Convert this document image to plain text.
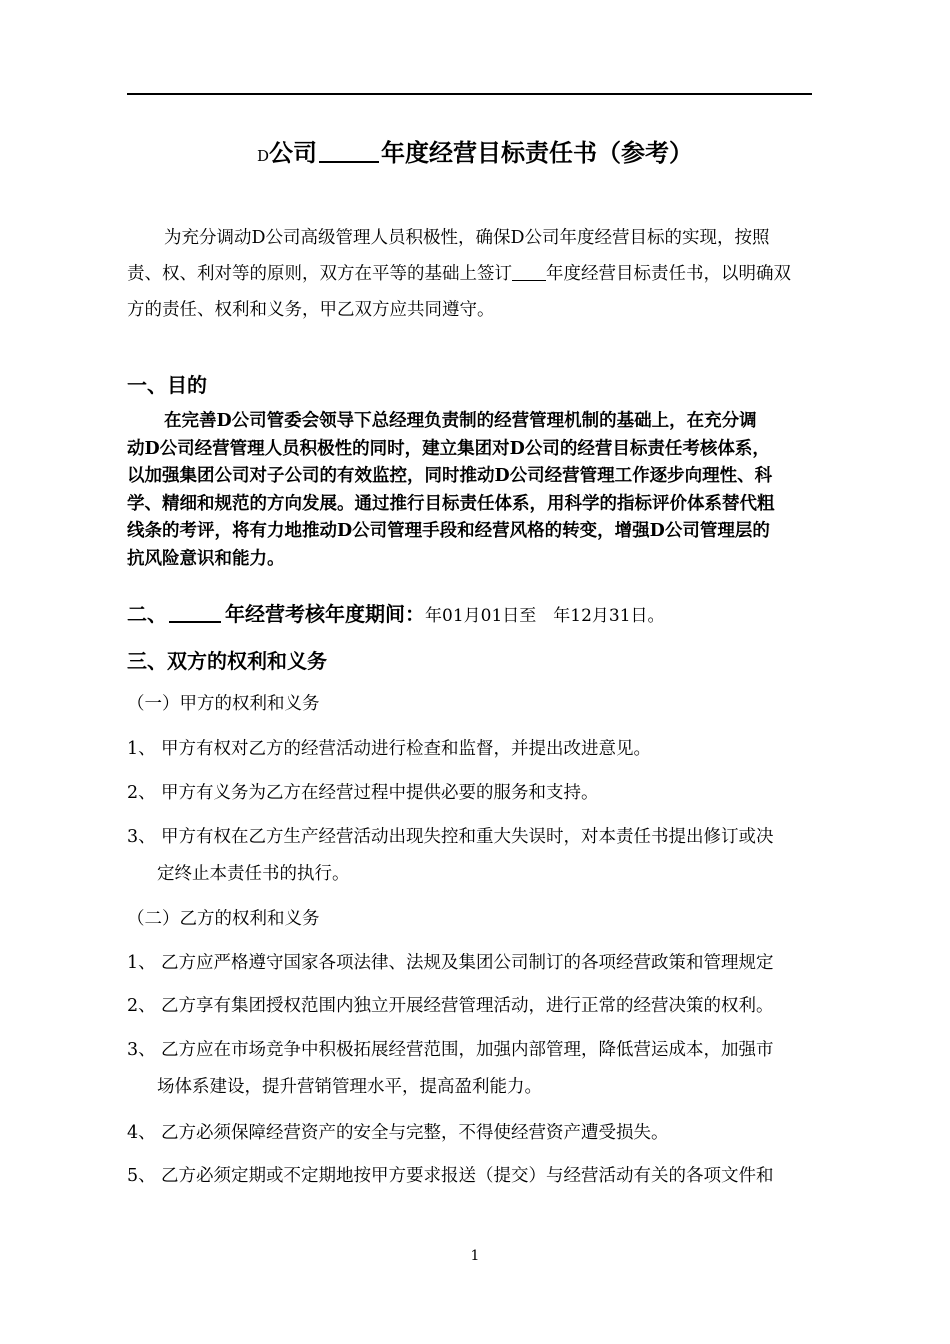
D公司	年度经营目标责任书（参考）
为充分调动D公司高级管理人员积极性，确保D公司年度经营目标的实现，按照
责、权、利对等的原则，双方在平等的基础上签订 年度经营目标责任书，以明确双
方的责任、权利和义务，甲乙双方应共同遵守。
一、目的
在完善D公司管委会领导下总经理负责制的经营管理机制的基础上，在充分调
动D公司经营管理人员积极性的同时，建立集团对D公司的经营目标责任考核体系，
以加强集团公司对子公司的有效监控，同时推动D公司经营管理工作逐步向理性、科
学、精细和规范的方向发展。通过推行目标责任体系，用科学的指标评价体系替代粗
线条的考评，将有力地推动D公司管理手段和经营风格的转变，增强D公司管理层的
抗风险意识和能力。
二、	年经营考核年度期间：年01月01日至　年12月31日。
三、双方的权利和义务
（一）甲方的权利和义务
1、 甲方有权对乙方的经营活动进行检查和监督，并提出改进意见。
2、 甲方有义务为乙方在经营过程中提供必要的服务和支持。
3、 甲方有权在乙方生产经营活动出现失控和重大失误时，对本责任书提出修订或决
定终止本责任书的执行。
（二）乙方的权利和义务
1、 乙方应严格遵守国家各项法律、法规及集团公司制订的各项经营政策和管理规定
2、 乙方享有集团授权范围内独立开展经营管理活动，进行正常的经营决策的权利。
3、 乙方应在市场竞争中积极拓展经营范围，加强内部管理，降低营运成本，加强市
场体系建设，提升营销管理水平，提高盈利能力。
4、 乙方必须保障经营资产的安全与完整，不得使经营资产遭受损失。
5、 乙方必须定期或不定期地按甲方要求报送（提交）与经营活动有关的各项文件和
1
